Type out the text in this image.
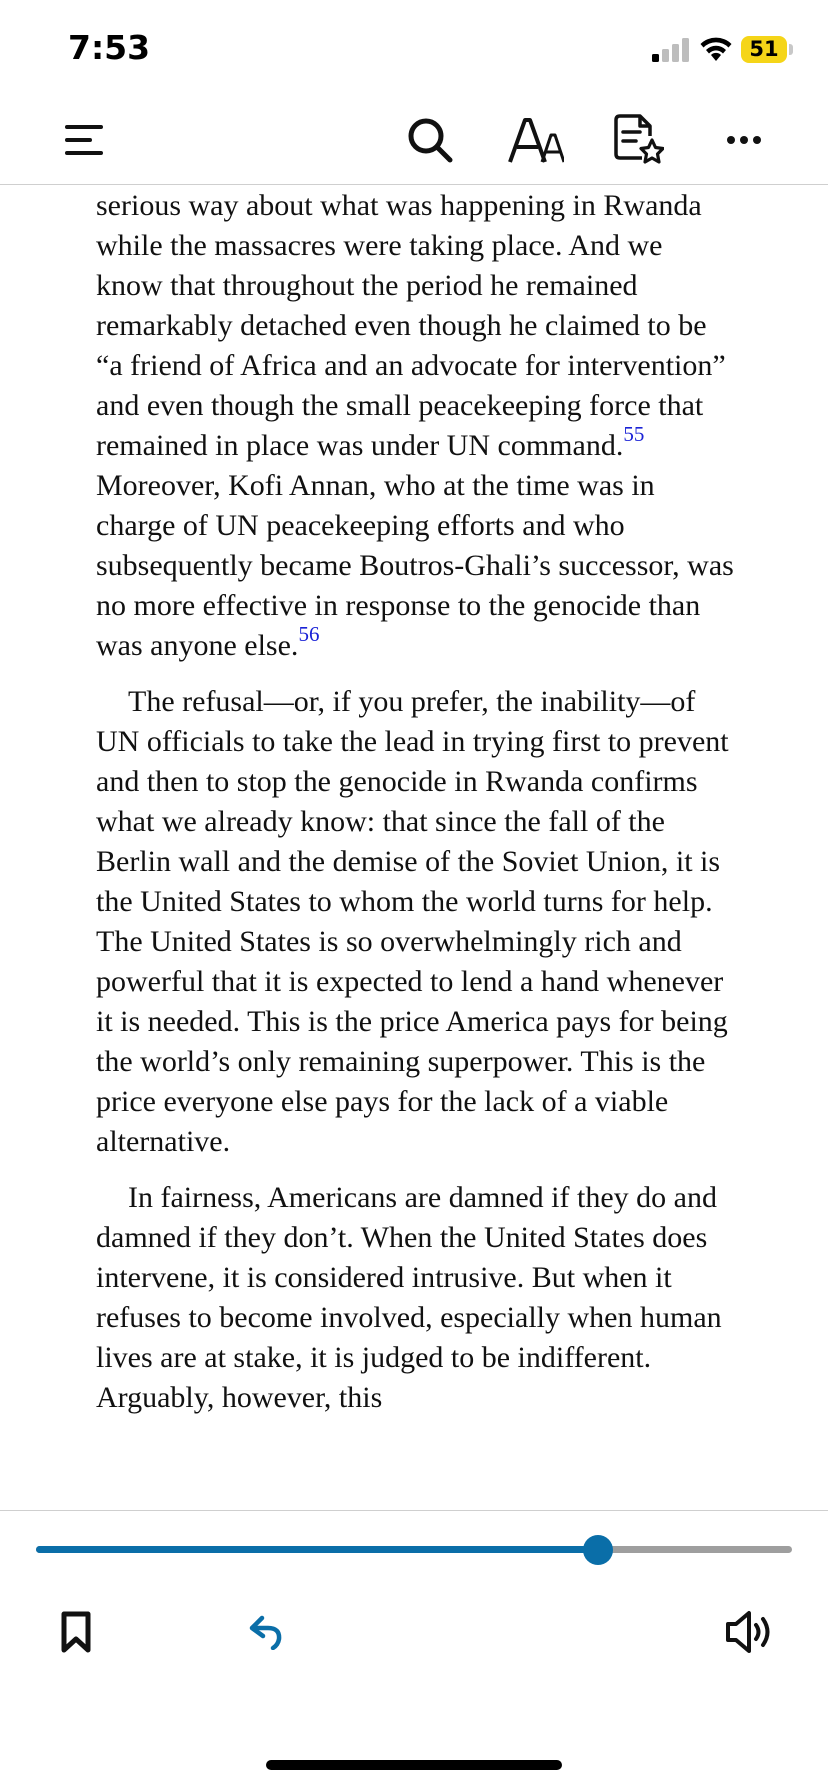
7:53	51

serious way about what was happening in Rwanda while the massacres were taking place. And we know that throughout the period he remained remarkably detached even though he claimed to be “a friend of Africa and an advocate for intervention” and even though the small peacekeeping force that remained in place was under UN command.$^{55}$ Moreover, Kofi Annan, who at the time was in charge of UN peacekeeping efforts and who subsequently became Boutros-Ghali’s successor, was no more effective in response to the genocide than was anyone else.$^{56}$

The refusal—or, if you prefer, the inability—of UN officials to take the lead in trying first to prevent and then to stop the genocide in Rwanda confirms what we already know: that since the fall of the Berlin wall and the demise of the Soviet Union, it is the United States to whom the world turns for help. The United States is so overwhelmingly rich and powerful that it is expected to lend a hand whenever it is needed. This is the price America pays for being the world’s only remaining superpower. This is the price everyone else pays for the lack of a viable alternative.

In fairness, Americans are damned if they do and damned if they don’t. When the United States does intervene, it is considered intrusive. But when it refuses to become involved, especially when human lives are at stake, it is judged to be indifferent. Arguably, however, this
